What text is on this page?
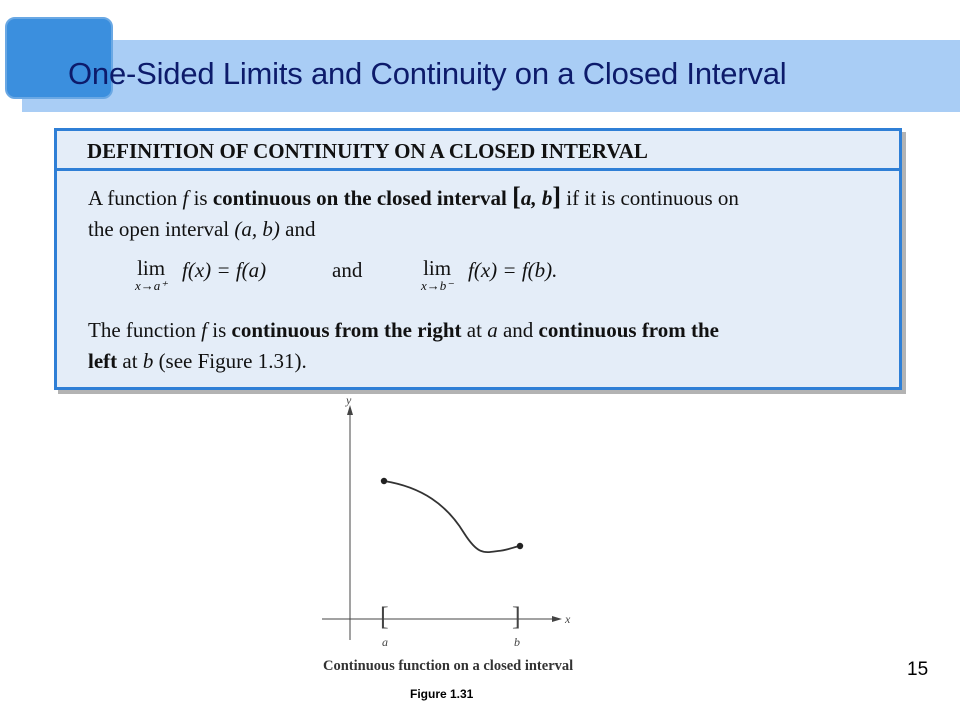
One-Sided Limits and Continuity on a Closed Interval
DEFINITION OF CONTINUITY ON A CLOSED INTERVAL

A function f is continuous on the closed interval [a, b] if it is continuous on

the open interval (a, b) and

lim
x→a⁺
f(x) = f(a)	and	lim
x→b⁻
f(x) = f(b).

The function f is continuous from the right at a and continuous from the

left at b (see Figure 1.31).

y
x
[	]
a	b
Continuous function on a closed interval
Figure 1.31
15
